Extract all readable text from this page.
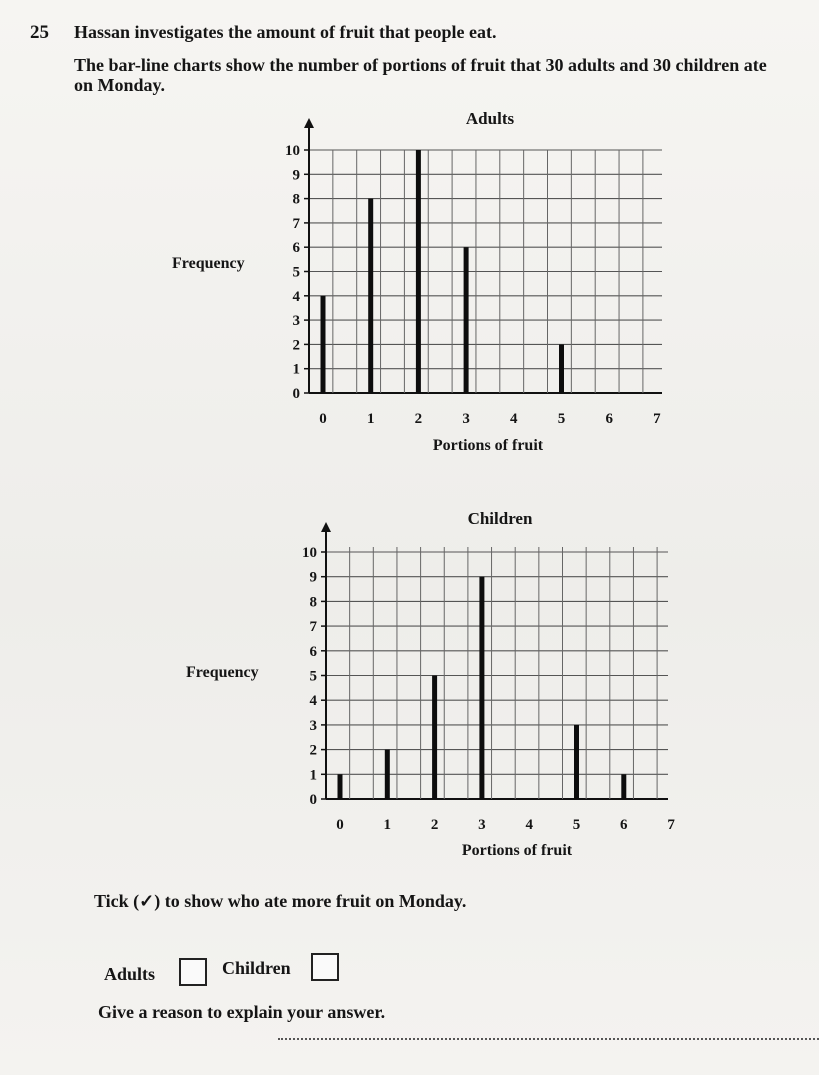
25 Hassan investigates the amount of fruit that people eat.
The bar-line charts show the number of portions of fruit that 30 adults and 30 children ate
on Monday.
0
1
2
3
4
5
6
7
8
9
10
0	1	2	3	4	5	6	7
Adults
Frequency
Portions of fruit
0
1
2
3
4
5
6
7
8
9
10
0	1	2	3	4	5	6	7
Children
Frequency
Portions of fruit
Tick (✓) to show who ate more fruit on Monday.
Adults	Children
Give a reason to explain your answer.
